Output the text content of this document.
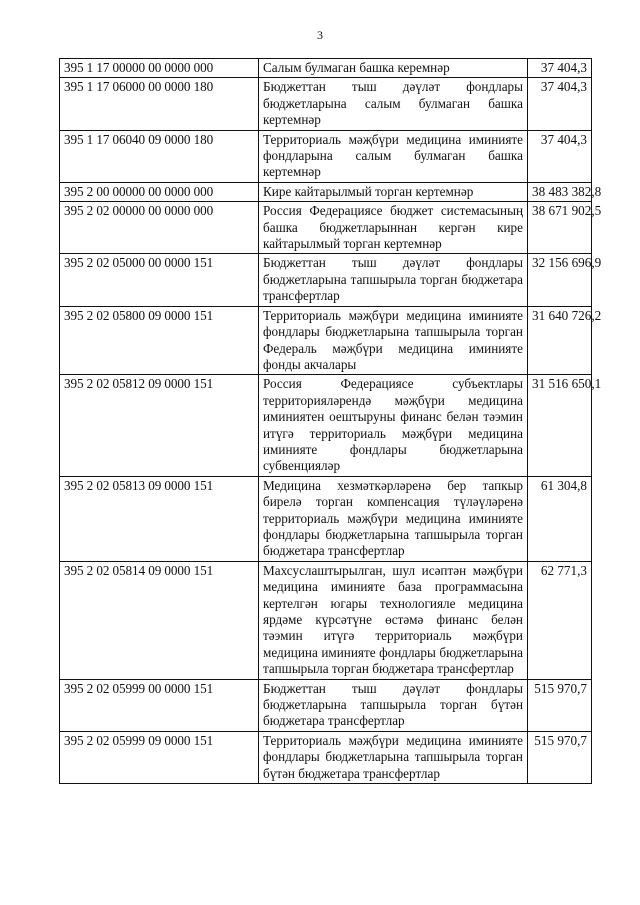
3
395 1 17 00000 00 0000 000	Салым булмаган башка керемнәр	37 404,3
395 1 17 06000 00 0000 180	Бюджеттан тыш дәүләт фондлары бюджетларына салым булмаган башка кертемнәр	37 404,3
395 1 17 06040 09 0000 180	Территориаль мәҗбүри медицина иминияте фондларына салым булмаган башка кертемнәр	37 404,3
395 2 00 00000 00 0000 000	Кире кайтарылмый торган кертемнәр	38 483 382,8
395 2 02 00000 00 0000 000	Россия Федерациясе бюджет системасының башка бюджетларыннан кергән кире кайтарылмый торган кертемнәр	38 671 902,5
395 2 02 05000 00 0000 151	Бюджеттан тыш дәүләт фондлары бюджетларына тапшырыла торган бюджетара трансфертлар	32 156 696,9
395 2 02 05800 09 0000 151	Территориаль мәҗбүри медицина иминияте фондлары бюджетларына тапшырыла торган Федераль мәҗбүри медицина иминияте фонды акчалары	31 640 726,2
395 2 02 05812 09 0000 151	Россия Федерациясе субъектлары территорияләрендә мәҗбүри медицина иминиятен оештыруны финанс белән тәэмин итүгә территориаль мәҗбүри медицина иминияте фондлары бюджетларына субвенцияләр	31 516 650,1
395 2 02 05813 09 0000 151	Медицина хезмәткәрләренә бер тапкыр бирелә торган компенсация түләүләренә территориаль мәҗбүри медицина иминияте фондлары бюджетларына тапшырыла торган бюджетара трансфертлар	61 304,8
395 2 02 05814 09 0000 151	Махсуслаштырылган, шул исәптән мәҗбүри медицина иминияте база программасына кертелгән югары технологияле медицина ярдәме күрсәтүне өстәмә финанс белән тәэмин итүгә территориаль мәҗбүри медицина иминияте фондлары бюджетларына тапшырыла торган бюджетара трансфертлар	62 771,3
395 2 02 05999 00 0000 151	Бюджеттан тыш дәүләт фондлары бюджетларына тапшырыла торган бүтән бюджетара трансфертлар	515 970,7
395 2 02 05999 09 0000 151	Территориаль мәҗбүри медицина иминияте фондлары бюджетларына тапшырыла торган бүтән бюджетара трансфертлар	515 970,7
